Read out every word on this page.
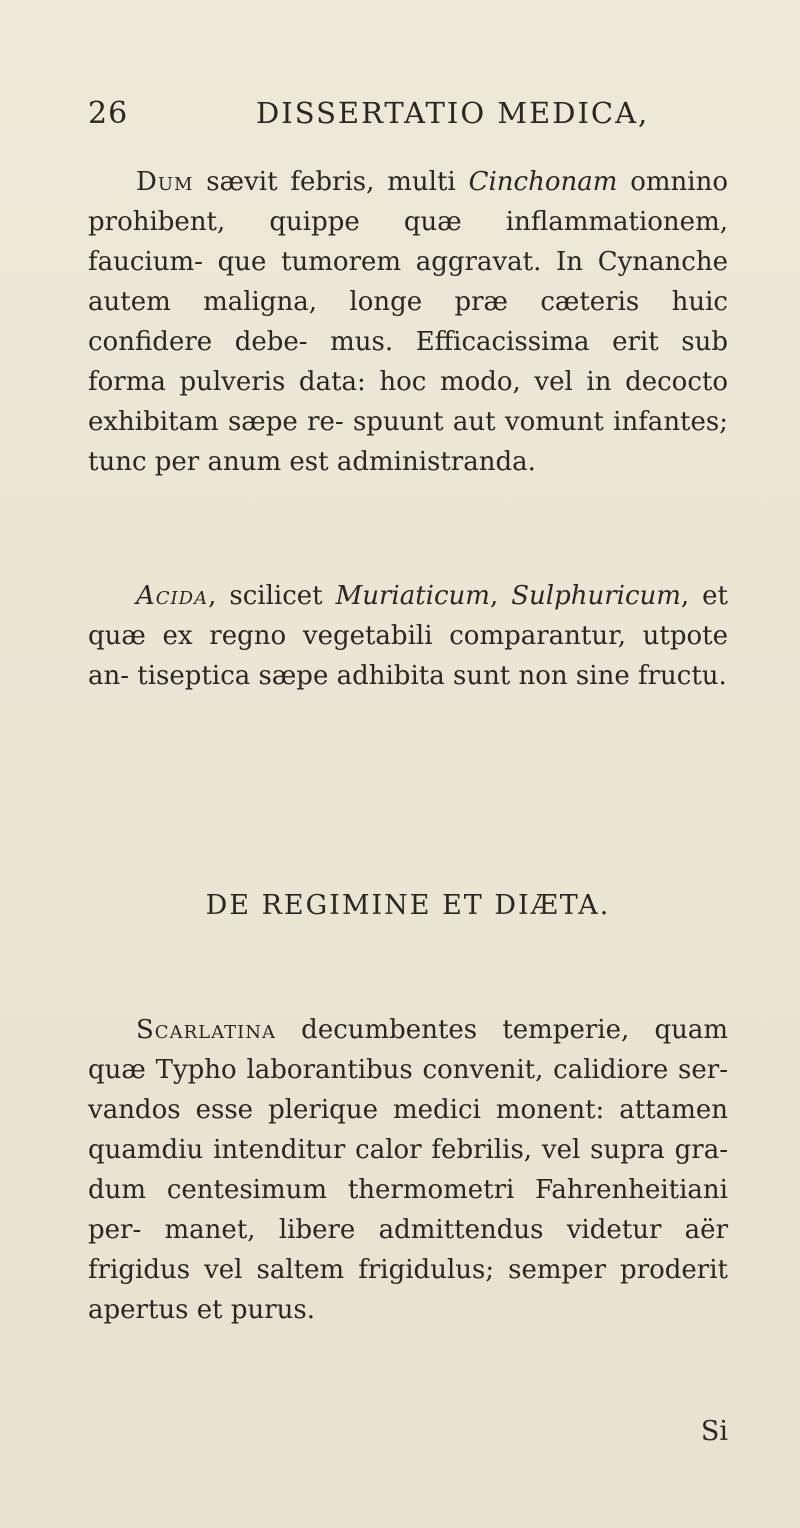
26	DISSERTATIO MEDICA,
Dum sævit febris, multi Cinchonam omnino prohibent, quippe quæ inflammationem, faucium- que tumorem aggravat. In Cynanche autem maligna, longe præ cæteris huic confidere debe- mus. Efficacissima erit sub forma pulveris data: hoc modo, vel in decocto exhibitam sæpe re- spuunt aut vomunt infantes; tunc per anum est administranda.
Acida, scilicet Muriaticum, Sulphuricum, et quæ ex regno vegetabili comparantur, utpote an- tiseptica sæpe adhibita sunt non sine fructu.
DE REGIMINE ET DIÆTA.
Scarlatina decumbentes temperie, quam quæ Typho laborantibus convenit, calidiore ser- vandos esse plerique medici monent: attamen quamdiu intenditur calor febrilis, vel supra gra- dum centesimum thermometri Fahrenheitiani per- manet, libere admittendus videtur aër frigidus vel saltem frigidulus; semper proderit apertus et purus.
Si
